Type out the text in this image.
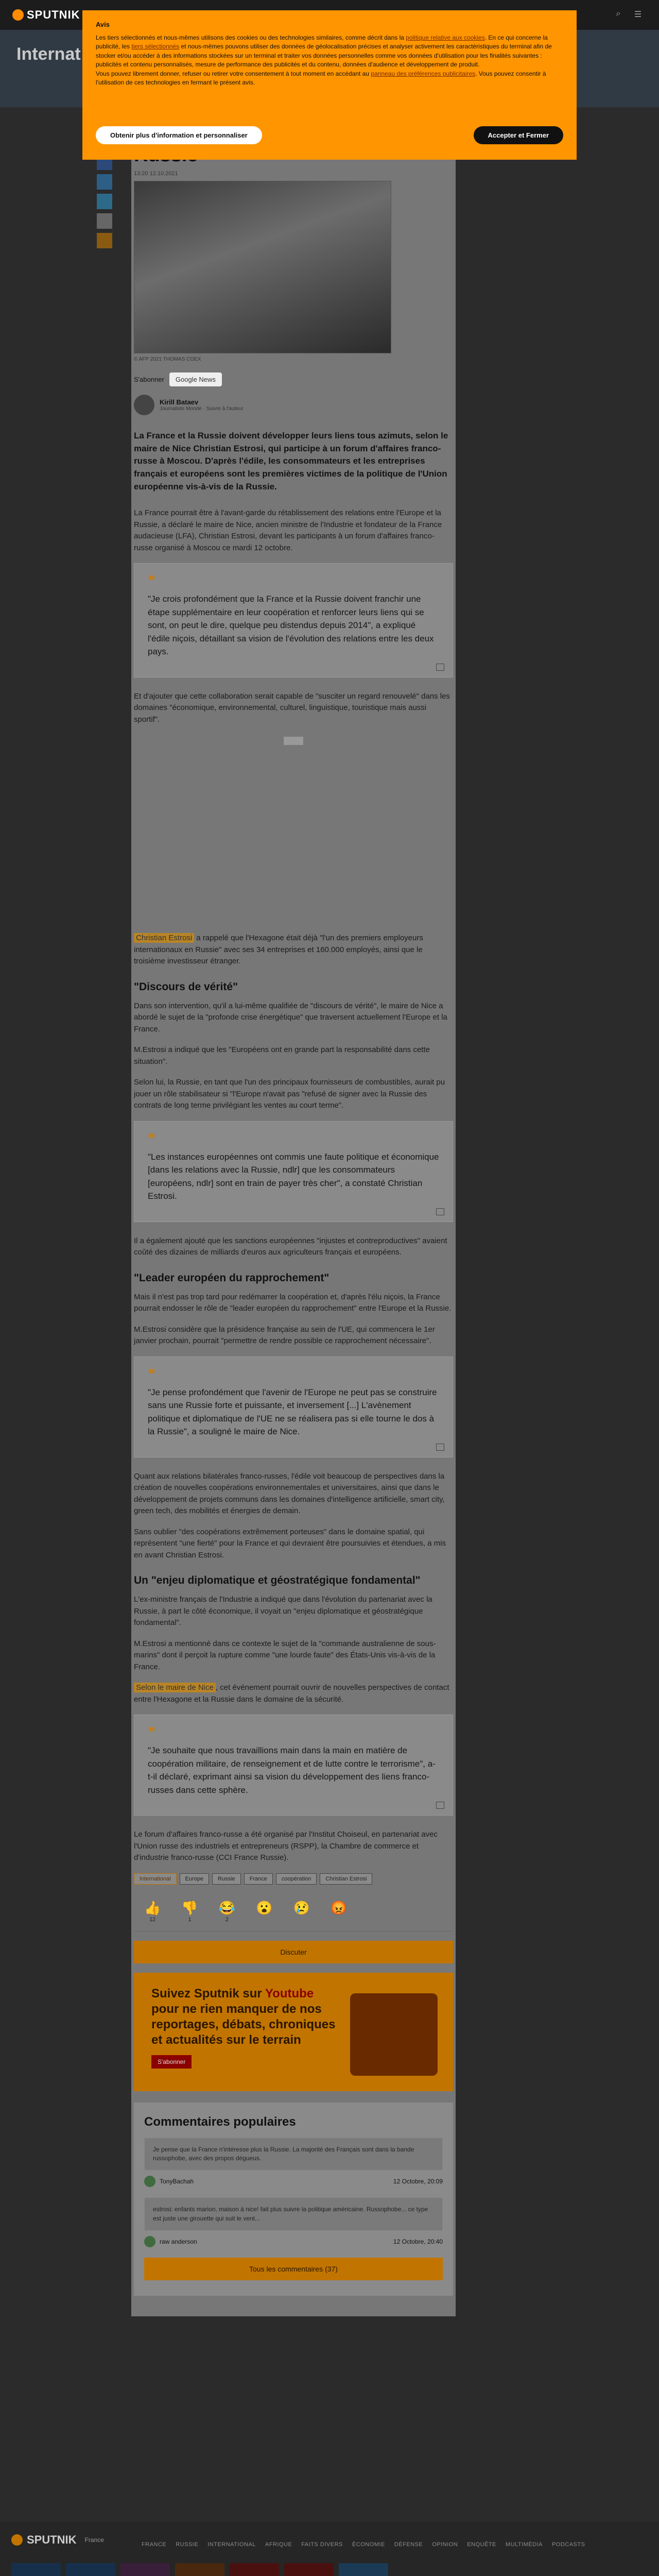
SPUTNIK	⌕	☰
Internat
13:20 12.10.2021
© AFP 2021 THOMAS COEX
S'abonner	Google News
Kirill Bataev
Journaliste Monde · Suivre à l'auteur
La France et la Russie doivent développer leurs liens tous azimuts, selon le maire de Nice Christian Estrosi, qui participe à un forum d'affaires franco-russe à Moscou. D'après l'édile, les consommateurs et les entreprises français et européens sont les premières victimes de la politique de l'Union européenne vis-à-vis de la Russie.

La France pourrait être à l'avant-garde du rétablissement des relations entre l'Europe et la Russie, a déclaré le maire de Nice, ancien ministre de l'Industrie et fondateur de la France audacieuse (LFA), Christian Estrosi, devant les participants à un forum d'affaires franco-russe organisé à Moscou ce mardi 12 octobre.

"
"Je crois profondément que la France et la Russie doivent franchir une étape supplémentaire en leur coopération et renforcer leurs liens qui se sont, on peut le dire, quelque peu distendus depuis 2014", a expliqué l'édile niçois, détaillant sa vision de l'évolution des relations entre les deux pays.

Et d'ajouter que cette collaboration serait capable de "susciter un regard renouvelé" dans les domaines "économique, environnemental, culturel, linguistique, touristique mais aussi sportif".

Christian Estrosi a rappelé que l'Hexagone était déjà "l'un des premiers employeurs internationaux en Russie" avec ses 34 entreprises et 160.000 employés, ainsi que le troisième investisseur étranger.

"Discours de vérité"

Dans son intervention, qu'il a lui-même qualifiée de "discours de vérité", le maire de Nice a abordé le sujet de la "profonde crise énergétique" que traversent actuellement l'Europe et la France.

M.Estrosi a indiqué que les "Européens ont en grande part la responsabilité dans cette situation".

Selon lui, la Russie, en tant que l'un des principaux fournisseurs de combustibles, aurait pu jouer un rôle stabilisateur si "l'Europe n'avait pas "refusé de signer avec la Russie des contrats de long terme privilégiant les ventes au court terme".

"
"Les instances européennes ont commis une faute politique et économique [dans les relations avec la Russie, ndlr] que les consommateurs [européens, ndlr] sont en train de payer très cher", a constaté Christian Estrosi.

Il a également ajouté que les sanctions européennes "injustes et contreproductives" avaient coûté des dizaines de milliards d'euros aux agriculteurs français et européens.

"Leader européen du rapprochement"

Mais il n'est pas trop tard pour redémarrer la coopération et, d'après l'élu niçois, la France pourrait endosser le rôle de "leader européen du rapprochement" entre l'Europe et la Russie.

M.Estrosi considère que la présidence française au sein de l'UE, qui commencera le 1er janvier prochain, pourrait "permettre de rendre possible ce rapprochement nécessaire".

"
"Je pense profondément que l'avenir de l'Europe ne peut pas se construire sans une Russie forte et puissante, et inversement [...] L'avènement politique et diplomatique de l'UE ne se réalisera pas si elle tourne le dos à la Russie", a souligné le maire de Nice.

Quant aux relations bilatérales franco-russes, l'édile voit beaucoup de perspectives dans la création de nouvelles coopérations environnementales et universitaires, ainsi que dans le développement de projets communs dans les domaines d'intelligence artificielle, smart city, green tech, des mobilités et énergies de demain.

Sans oublier "des coopérations extrêmement porteuses" dans le domaine spatial, qui représentent "une fierté" pour la France et qui devraient être poursuivies et étendues, a mis en avant Christian Estrosi.

Un "enjeu diplomatique et géostratégique fondamental"

L'ex-ministre français de l'Industrie a indiqué que dans l'évolution du partenariat avec la Russie, à part le côté économique, il voyait un "enjeu diplomatique et géostratégique fondamental".

M.Estrosi a mentionné dans ce contexte le sujet de la "commande australienne de sous-marins" dont il perçoit la rupture comme "une lourde faute" des États-Unis vis-à-vis de la France.

Selon le maire de Nice , cet événement pourrait ouvrir de nouvelles perspectives de contact entre l'Hexagone et la Russie dans le domaine de la sécurité.

"
"Je souhaite que nous travaillions main dans la main en matière de coopération militaire, de renseignement et de lutte contre le terrorisme", a-t-il déclaré, exprimant ainsi sa vision du développement des liens franco-russes dans cette sphère.

Le forum d'affaires franco-russe a été organisé par l'Institut Choiseul, en partenariat avec l'Union russe des industriels et entrepreneurs (RSPP), la Chambre de commerce et d'industrie franco-russe (CCI France Russie).

International	Europe	Russie	France	coopération	Christian Estrosi
👍
12
👎
1
😂
2
😮 😢 😡
Discuter
Suivez Sputnik sur Youtube pour ne rien manquer de nos reportages, débats, chroniques et actualités sur le terrain
S'abonner
Commentaires populaires
Je pense que la France n'intéresse plus la Russie. La majorité des Français sont dans la bande russophobe, avec des propos dégueus.
TonyBachah	12 Octobre, 20:09
estrosi: enfants marion, maison à nice! fait plus suivre la politique américaine. Russophobe... ce type est juste une girouette qui suit le vent...
raw anderson	12 Octobre, 20:40
Tous les commentaires (37)
SPUTNIK France
FRANCE RUSSIE INTERNATIONAL AFRIQUE FAITS DIVERS ÉCONOMIE DÉFENSE OPINION ENQUÊTE MULTIMÉDIA PODCASTS
Avis
Les tiers sélectionnés et nous-mêmes utilisons des cookies ou des technologies similaires, comme décrit dans la politique relative aux cookies. En ce qui concerne la publicité, les tiers sélectionnés et nous-mêmes pouvons utiliser des données de géolocalisation précises et analyser activement les caractéristiques du terminal afin de stocker et/ou accéder à des informations stockées sur un terminal et traiter vos données personnelles comme vos données d'utilisation pour les finalités suivantes : publicités et contenu personnalisés, mesure de performance des publicités et du contenu, données d'audience et développement de produit.
Vous pouvez librement donner, refuser ou retirer votre consentement à tout moment en accédant au panneau des préférences publicitaires. Vous pouvez consentir à l'utilisation de ces technologies en fermant le présent avis.
Obtenir plus d'information et personnaliser	Accepter et Fermer
